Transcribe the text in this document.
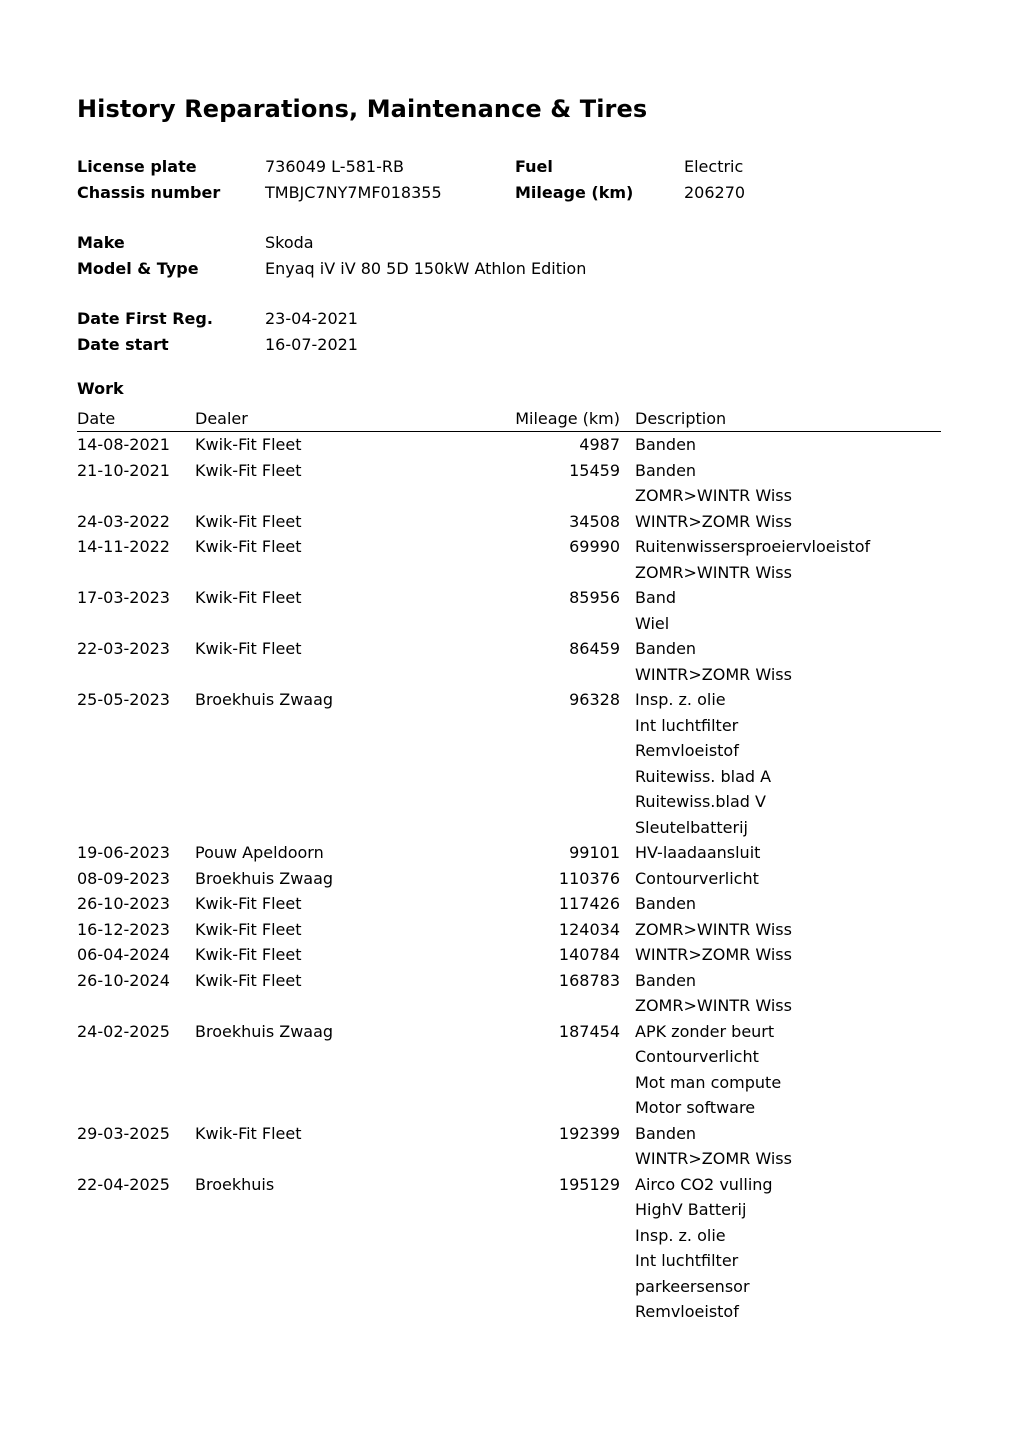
History Reparations, Maintenance & Tires
License plate	736049 L-581-RB	Fuel	Electric
Chassis number	TMBJC7NY7MF018355	Mileage (km)	206270
Make	Skoda
Model & Type	Enyaq iV iV 80 5D 150kW Athlon Edition
Date First Reg.	23-04-2021
Date start	16-07-2021
Work
Date	Dealer	Mileage (km) Description
14-08-2021 Kwik-Fit Fleet	4987 Banden
21-10-2021 Kwik-Fit Fleet	15459 Banden
ZOMR>WINTR Wiss
24-03-2022 Kwik-Fit Fleet	34508 WINTR>ZOMR Wiss
14-11-2022 Kwik-Fit Fleet	69990 Ruitenwissersproeiervloeistof
ZOMR>WINTR Wiss
17-03-2023 Kwik-Fit Fleet	85956 Band
Wiel
22-03-2023 Kwik-Fit Fleet	86459 Banden
WINTR>ZOMR Wiss
25-05-2023 Broekhuis Zwaag	96328 Insp. z. olie
Int luchtfilter
Remvloeistof
Ruitewiss. blad A
Ruitewiss.blad V
Sleutelbatterij
19-06-2023 Pouw Apeldoorn	99101 HV-laadaansluit
08-09-2023 Broekhuis Zwaag	110376 Contourverlicht
26-10-2023 Kwik-Fit Fleet	117426 Banden
16-12-2023 Kwik-Fit Fleet	124034 ZOMR>WINTR Wiss
06-04-2024 Kwik-Fit Fleet	140784 WINTR>ZOMR Wiss
26-10-2024 Kwik-Fit Fleet	168783 Banden
ZOMR>WINTR Wiss
24-02-2025 Broekhuis Zwaag	187454 APK zonder beurt
Contourverlicht
Mot man compute
Motor software
29-03-2025 Kwik-Fit Fleet	192399 Banden
WINTR>ZOMR Wiss
22-04-2025 Broekhuis	195129 Airco CO2 vulling
HighV Batterij
Insp. z. olie
Int luchtfilter
parkeersensor
Remvloeistof
